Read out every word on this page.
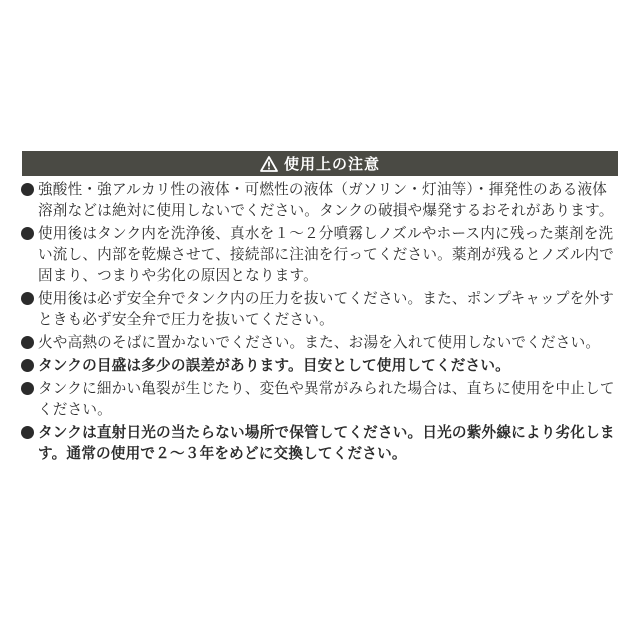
使用上の注意
強酸性・強アルカリ性の液体・可燃性の液体（ガソリン・灯油等）・揮発性のある液体溶剤などは絶対に使用しないでください。タンクの破損や爆発するおそれがあります。
使用後はタンク内を洗浄後、真水を１〜２分噴霧しノズルやホース内に残った薬剤を洗い流し、内部を乾燥させて、接続部に注油を行ってください。薬剤が残るとノズル内で固まり、つまりや劣化の原因となります。
使用後は必ず安全弁でタンク内の圧力を抜いてください。また、ポンプキャップを外すときも必ず安全弁で圧力を抜いてください。
火や高熱のそばに置かないでください。また、お湯を入れて使用しないでください。
タンクの目盛は多少の誤差があります。目安として使用してください。
タンクに細かい亀裂が生じたり、変色や異常がみられた場合は、直ちに使用を中止してください。
タンクは直射日光の当たらない場所で保管してください。日光の紫外線により劣化します。通常の使用で２〜３年をめどに交換してください。
